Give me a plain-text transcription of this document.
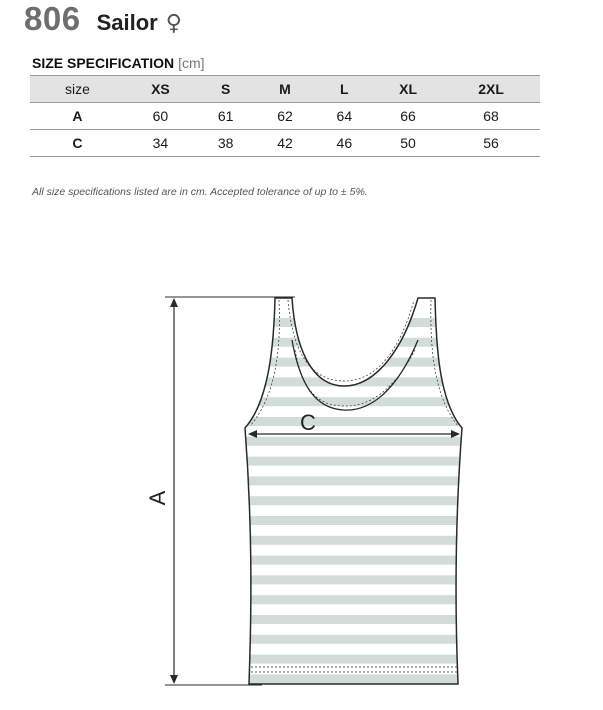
806 Sailor ♀
SIZE SPECIFICATION [cm]
size	XS	S	M	L	XL	2XL
A	60	61	62	64	66	68
C	34	38	42	46	50	56
All size specifications listed are in cm. Accepted tolerance of up to ± 5%.
A
C
